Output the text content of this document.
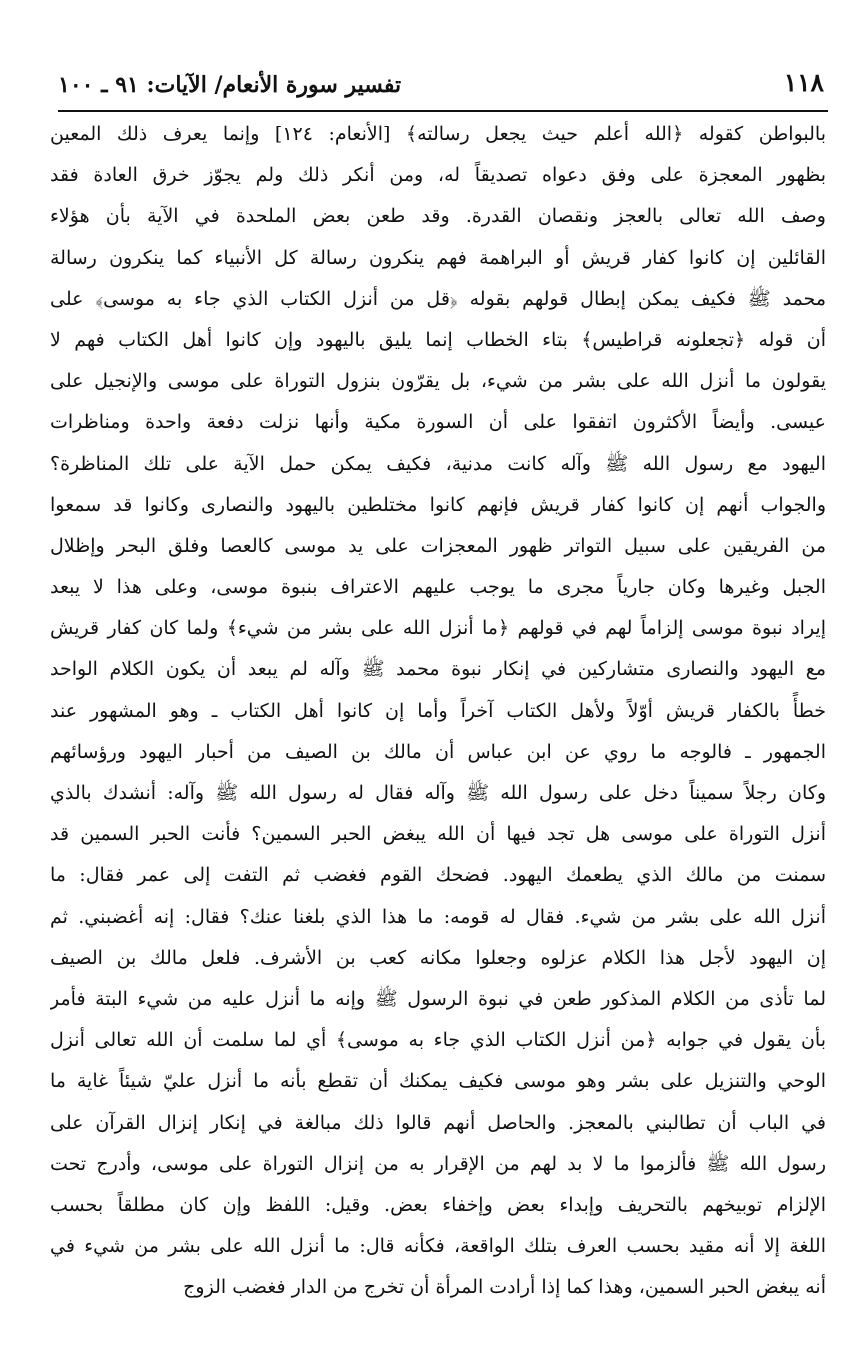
١١٨
تفسير سورة الأنعام/ الآيات: ٩١ ـ ١٠٠
بالبواطن كقوله ﴿الله أعلم حيث يجعل رسالته﴾ [الأنعام: ١٢٤] وإنما يعرف ذلك المعين
بظهور المعجزة على وفق دعواه تصديقاً له، ومن أنكر ذلك ولم يجوّز خرق العادة فقد
وصف الله تعالى بالعجز ونقصان القدرة. وقد طعن بعض الملحدة في الآية بأن هؤلاء
القائلين إن كانوا كفار قريش أو البراهمة فهم ينكرون رسالة كل الأنبياء كما ينكرون رسالة
محمد ﷺ فكيف يمكن إبطال قولهم بقوله ﴿قل من أنزل الكتاب الذي جاء به موسى﴾ على
أن قوله ﴿تجعلونه قراطيس﴾ بتاء الخطاب إنما يليق باليهود وإن كانوا أهل الكتاب فهم لا
يقولون ما أنزل الله على بشر من شيء، بل يقرّون بنزول التوراة على موسى والإنجيل على
عيسى. وأيضاً الأكثرون اتفقوا على أن السورة مكية وأنها نزلت دفعة واحدة ومناظرات
اليهود مع رسول الله ﷺ وآله كانت مدنية، فكيف يمكن حمل الآية على تلك المناظرة؟
والجواب أنهم إن كانوا كفار قريش فإنهم كانوا مختلطين باليهود والنصارى وكانوا قد سمعوا
من الفريقين على سبيل التواتر ظهور المعجزات على يد موسى كالعصا وفلق البحر وإظلال
الجبل وغيرها وكان جارياً مجرى ما يوجب عليهم الاعتراف بنبوة موسى، وعلى هذا لا يبعد
إيراد نبوة موسى إلزاماً لهم في قولهم ﴿ما أنزل الله على بشر من شيء﴾ ولما كان كفار قريش
مع اليهود والنصارى متشاركين في إنكار نبوة محمد ﷺ وآله لم يبعد أن يكون الكلام الواحد
خطأً بالكفار قريش أوّلاً ولأهل الكتاب آخراً وأما إن كانوا أهل الكتاب ـ وهو المشهور عند
الجمهور ـ فالوجه ما روي عن ابن عباس أن مالك بن الصيف من أحبار اليهود ورؤسائهم
وكان رجلاً سميناً دخل على رسول الله ﷺ وآله فقال له رسول الله ﷺ وآله: أنشدك بالذي
أنزل التوراة على موسى هل تجد فيها أن الله يبغض الحبر السمين؟ فأنت الحبر السمين قد
سمنت من مالك الذي يطعمك اليهود. فضحك القوم فغضب ثم التفت إلى عمر فقال: ما
أنزل الله على بشر من شيء. فقال له قومه: ما هذا الذي بلغنا عنك؟ فقال: إنه أغضبني. ثم
إن اليهود لأجل هذا الكلام عزلوه وجعلوا مكانه كعب بن الأشرف. فلعل مالك بن الصيف
لما تأذى من الكلام المذكور طعن في نبوة الرسول ﷺ وإنه ما أنزل عليه من شيء البتة فأمر
بأن يقول في جوابه ﴿من أنزل الكتاب الذي جاء به موسى﴾ أي لما سلمت أن الله تعالى أنزل
الوحي والتنزيل على بشر وهو موسى فكيف يمكنك أن تقطع بأنه ما أنزل عليّ شيئاً غاية ما
في الباب أن تطالبني بالمعجز. والحاصل أنهم قالوا ذلك مبالغة في إنكار إنزال القرآن على
رسول الله ﷺ فألزموا ما لا بد لهم من الإقرار به من إنزال التوراة على موسى، وأدرج تحت
الإلزام توبيخهم بالتحريف وإبداء بعض وإخفاء بعض. وقيل: اللفظ وإن كان مطلقاً بحسب
اللغة إلا أنه مقيد بحسب العرف بتلك الواقعة، فكأنه قال: ما أنزل الله على بشر من شيء في
أنه يبغض الحبر السمين، وهذا كما إذا أرادت المرأة أن تخرج من الدار فغضب الزوج
